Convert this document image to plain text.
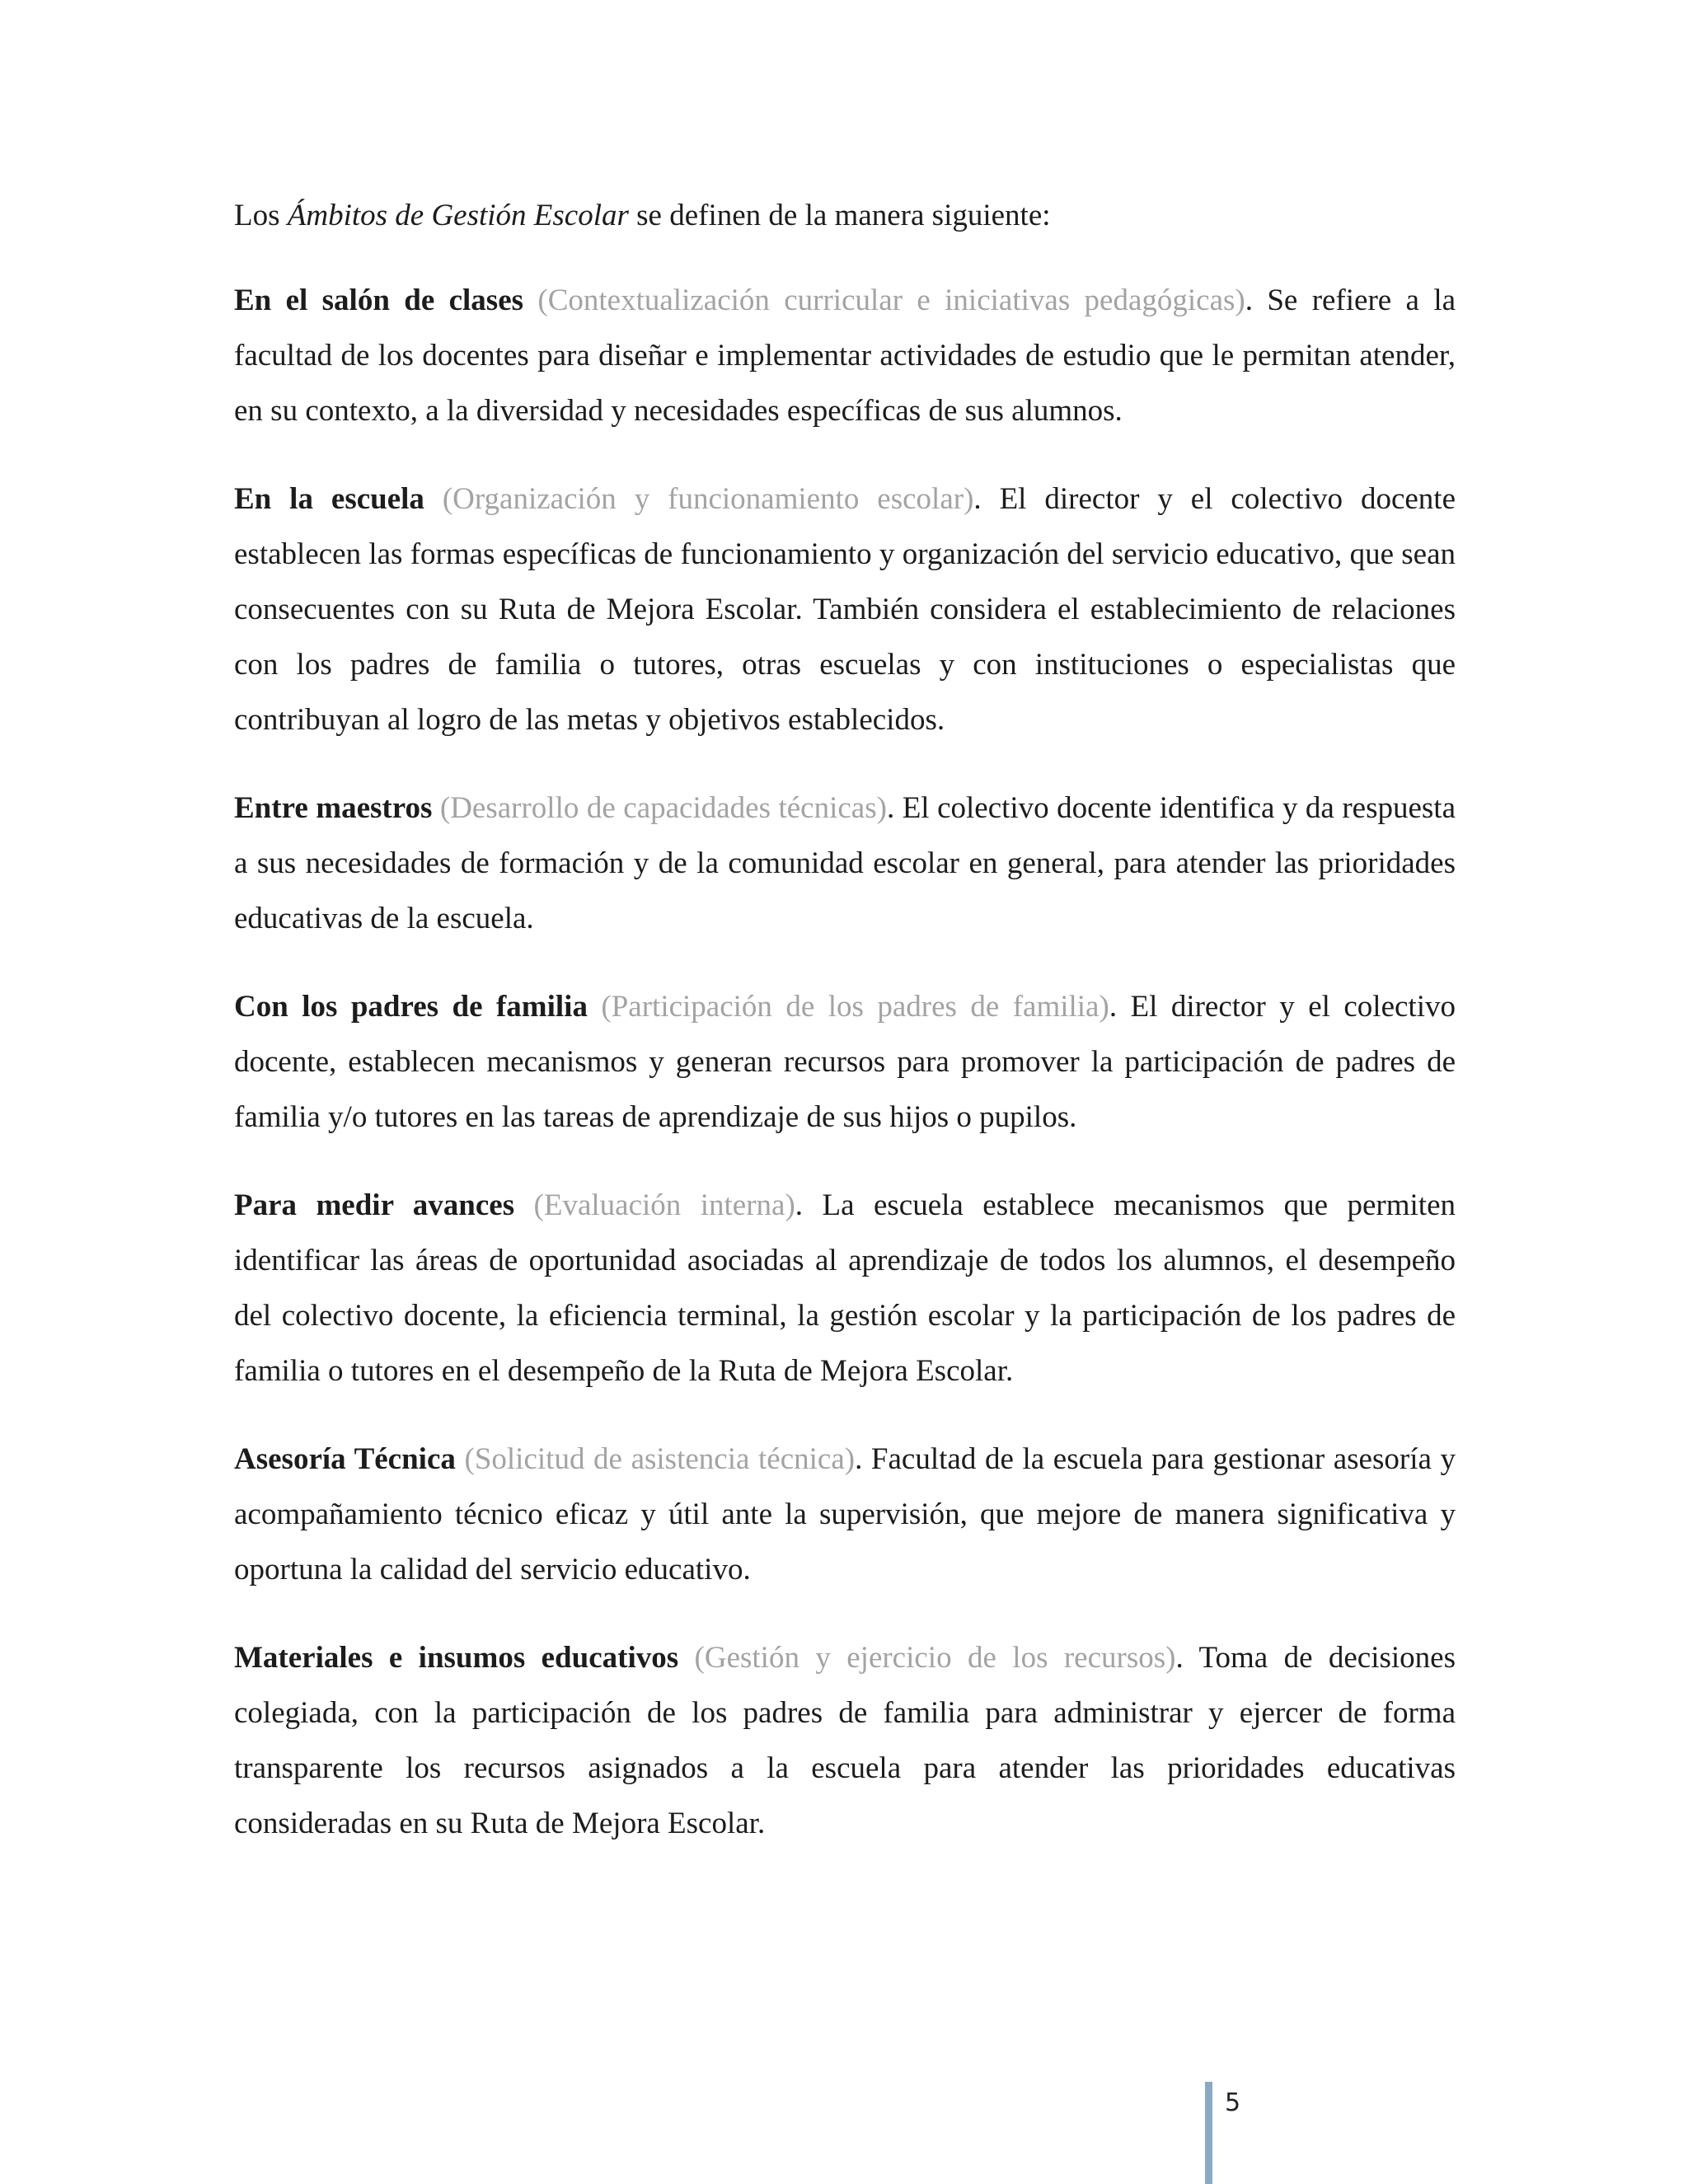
Los Ámbitos de Gestión Escolar se definen de la manera siguiente:

En el salón de clases (Contextualización curricular e iniciativas pedagógicas). Se refiere a la facultad de los docentes para diseñar e implementar actividades de estudio que le permitan atender, en su contexto, a la diversidad y necesidades específicas de sus alumnos.

En la escuela (Organización y funcionamiento escolar). El director y el colectivo docente establecen las formas específicas de funcionamiento y organización del servicio educativo, que sean consecuentes con su Ruta de Mejora Escolar. También considera el establecimiento de relaciones con los padres de familia o tutores, otras escuelas y con instituciones o especialistas que contribuyan al logro de las metas y objetivos establecidos.

Entre maestros (Desarrollo de capacidades técnicas). El colectivo docente identifica y da respuesta a sus necesidades de formación y de la comunidad escolar en general, para atender las prioridades educativas de la escuela.

Con los padres de familia (Participación de los padres de familia). El director y el colectivo docente, establecen mecanismos y generan recursos para promover la participación de padres de familia y/o tutores en las tareas de aprendizaje de sus hijos o pupilos.

Para medir avances (Evaluación interna). La escuela establece mecanismos que permiten identificar las áreas de oportunidad asociadas al aprendizaje de todos los alumnos, el desempeño del colectivo docente, la eficiencia terminal, la gestión escolar y la participación de los padres de familia o tutores en el desempeño de la Ruta de Mejora Escolar.

Asesoría Técnica (Solicitud de asistencia técnica). Facultad de la escuela para gestionar asesoría y acompañamiento técnico eficaz y útil ante la supervisión, que mejore de manera significativa y oportuna la calidad del servicio educativo.

Materiales e insumos educativos (Gestión y ejercicio de los recursos). Toma de decisiones colegiada, con la participación de los padres de familia para administrar y ejercer de forma transparente los recursos asignados a la escuela para atender las prioridades educativas consideradas en su Ruta de Mejora Escolar.

5
